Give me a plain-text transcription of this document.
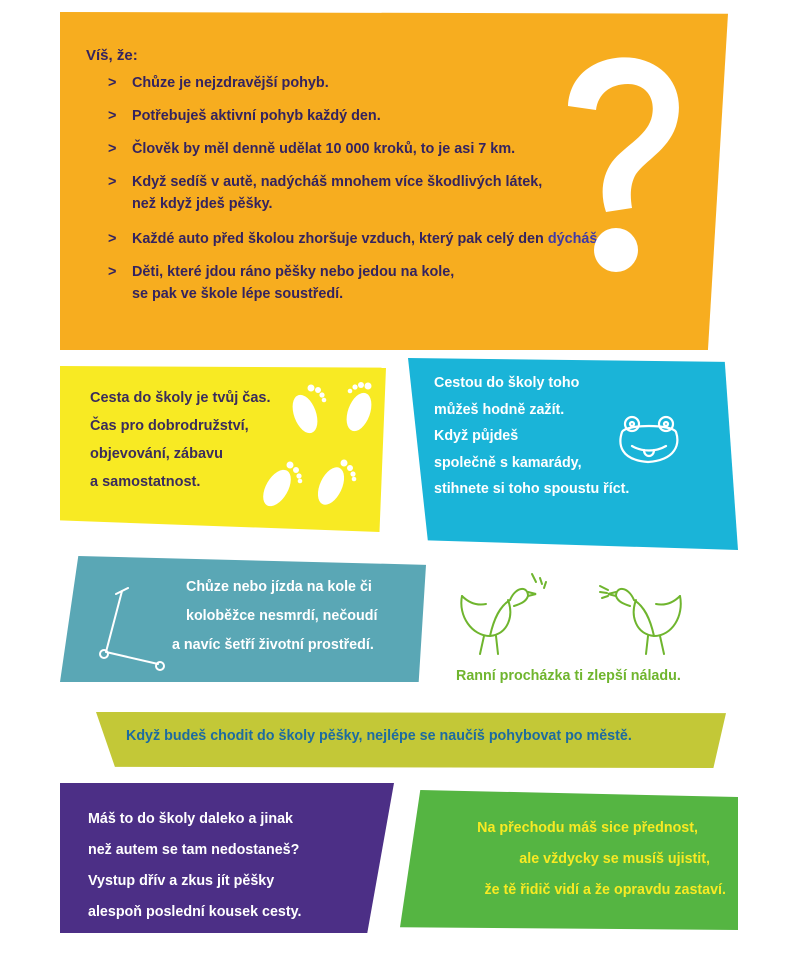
Víš, že:
> Chůze je nejzdravější pohyb.
> Potřebuješ aktivní pohyb každý den.
> Člověk by měl denně udělat 10 000 kroků, to je asi 7 km.
> Když sedíš v autě, nadýcháš mnohem více škodlivých látek,
než když jdeš pěšky.
> Každé auto před školou zhoršuje vzduch, který pak celý den dýcháš
> Děti, které jdou ráno pěšky nebo jedou na kole,
se pak ve škole lépe soustředí.
Cesta do školy je tvůj čas.
Čas pro dobrodružství,
objevování, zábavu
a samostatnost.
Cestou do školy toho
můžeš hodně zažít.
Když půjdeš
společně s kamarády,
stihnete si toho spoustu říct.
Chůze nebo jízda na kole či
koloběžce nesmrdí, nečoudí
a navíc šetří životní prostředí.
Ranní procházka ti zlepší náladu.
Když budeš chodit do školy pěšky, nejlépe se naučíš pohybovat po městě.
Máš to do školy daleko a jinak
než autem se tam nedostaneš?
Vystup dřív a zkus jít pěšky
alespoň poslední kousek cesty.
Na přechodu máš sice přednost,
ale vždycky se musíš ujistit,
že tě řidič vidí a že opravdu zastaví.
